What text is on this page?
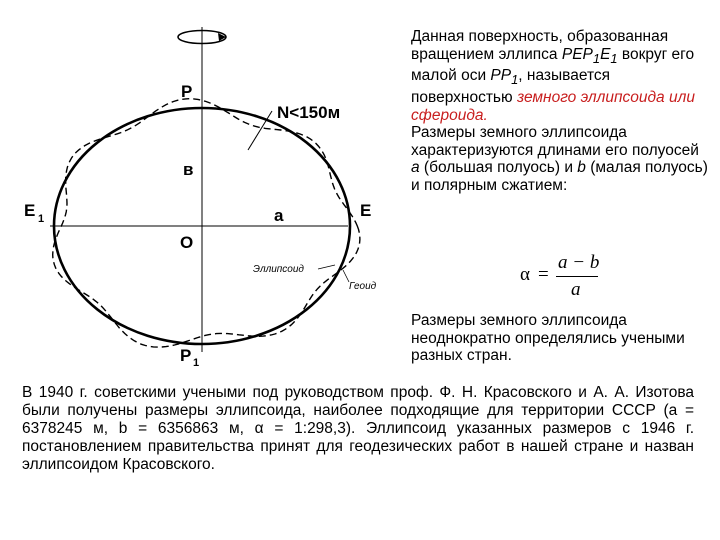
P
N<150м
в
E 1	a	E
O
Эллипсоид
Геоид
P 1
Данная поверхность, образованная вращением эллипса $PEP_1E_1$ вокруг его малой оси $PP_1$, называется поверхностью земного эллипсоида или сфероида.
Размеры земного эллипсоида характеризуются длинами его полуосей a (большая полуось) и b (малая полуось) и полярным сжатием:
α =
a − b
a
Размеры земного эллипсоида неоднократно определялись учеными разных стран.
В 1940 г. советскими учеными под руководством проф. Ф. Н. Красовского и А. А. Изотова были получены размеры эллипсоида, наиболее подходящие для территории СССР (a = 6378245 м, b = 6356863 м, α = 1:298,3). Эллипсоид указанных размеров с 1946 г. постановлением правительства принят для геодезических работ в нашей стране и назван эллипсоидом Красовского.
